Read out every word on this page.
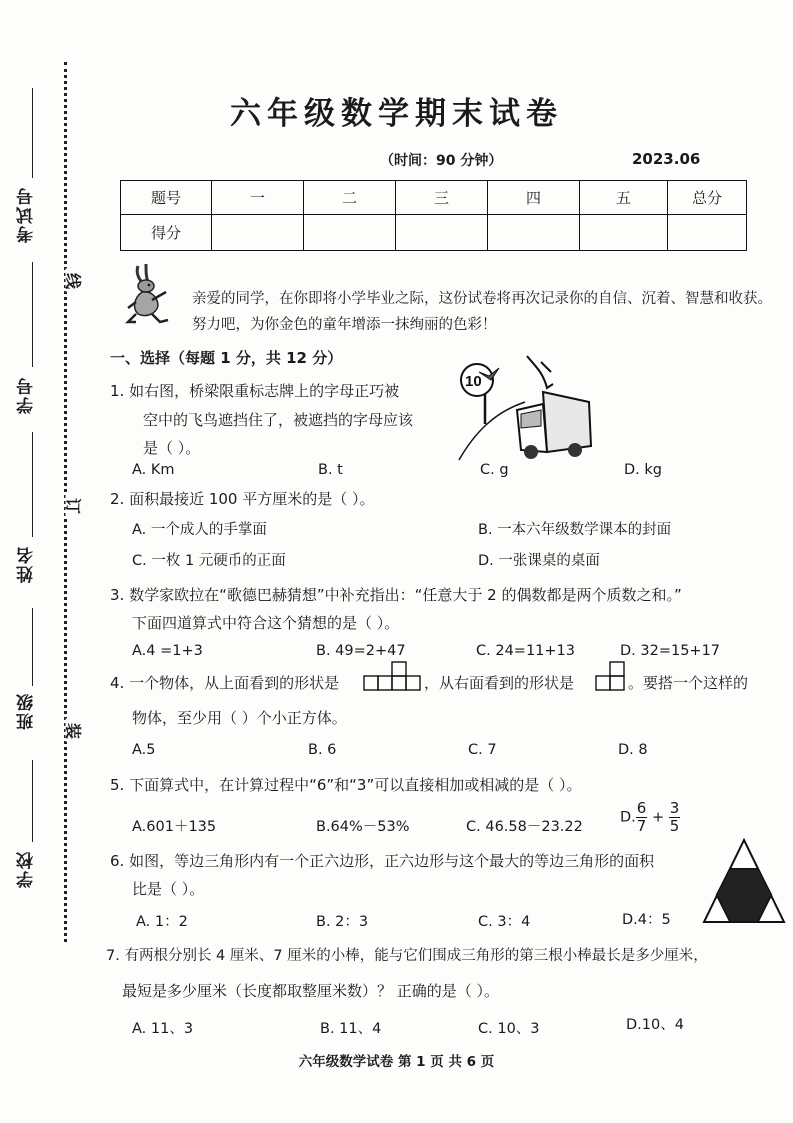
考试号
学号
姓名
班级
学校
线
订
装
六年级数学期末试卷
（时间：90 分钟）	2023.06
题号	一	二	三	四	五	总分
得分						
亲爱的同学，在你即将小学毕业之际，这份试卷将再次记录你的自信、沉着、智慧和收获。努力吧，为你金色的童年增添一抹绚丽的色彩！
一、选择（每题 1 分，共 12 分）
1. 如右图，桥梁限重标志牌上的字母正巧被
空中的飞鸟遮挡住了，被遮挡的字母应该
是（ ）。
10
A. Km	B. t	C. g	D. kg
2. 面积最接近 100 平方厘米的是（ ）。
A. 一个成人的手掌面	B. 一本六年级数学课本的封面
C. 一枚 1 元硬币的正面	D. 一张课桌的桌面
3. 数学家欧拉在“歌德巴赫猜想”中补充指出：“任意大于 2 的偶数都是两个质数之和。”
下面四道算式中符合这个猜想的是（ ）。
A.4 =1+3	B. 49=2+47	C. 24=11+13	D. 32=15+17
4. 一个物体，从上面看到的形状是	，从右面看到的形状是	。要搭一个这样的
物体，至少用（ ）个小正方体。
A.5	B. 6	C. 7	D. 8
5. 下面算式中，在计算过程中“6”和“3”可以直接相加或相减的是（ ）。
A.601＋135	B.64%－53%	C. 46.58－23.22
D. $\frac{6}{7} + \frac{3}{5}$
6. 如图，等边三角形内有一个正六边形，正六边形与这个最大的等边三角形的面积
比是（ ）。
A. 1：2	B. 2：3	C. 3：4	D.4：5
7. 有两根分别长 4 厘米、7 厘米的小棒，能与它们围成三角形的第三根小棒最长是多少厘米，
最短是多少厘米（长度都取整厘米数）？ 正确的是（ ）。
A. 11、3	B. 11、4	C. 10、3	D.10、4
六年级数学试卷 第 1 页 共 6 页
